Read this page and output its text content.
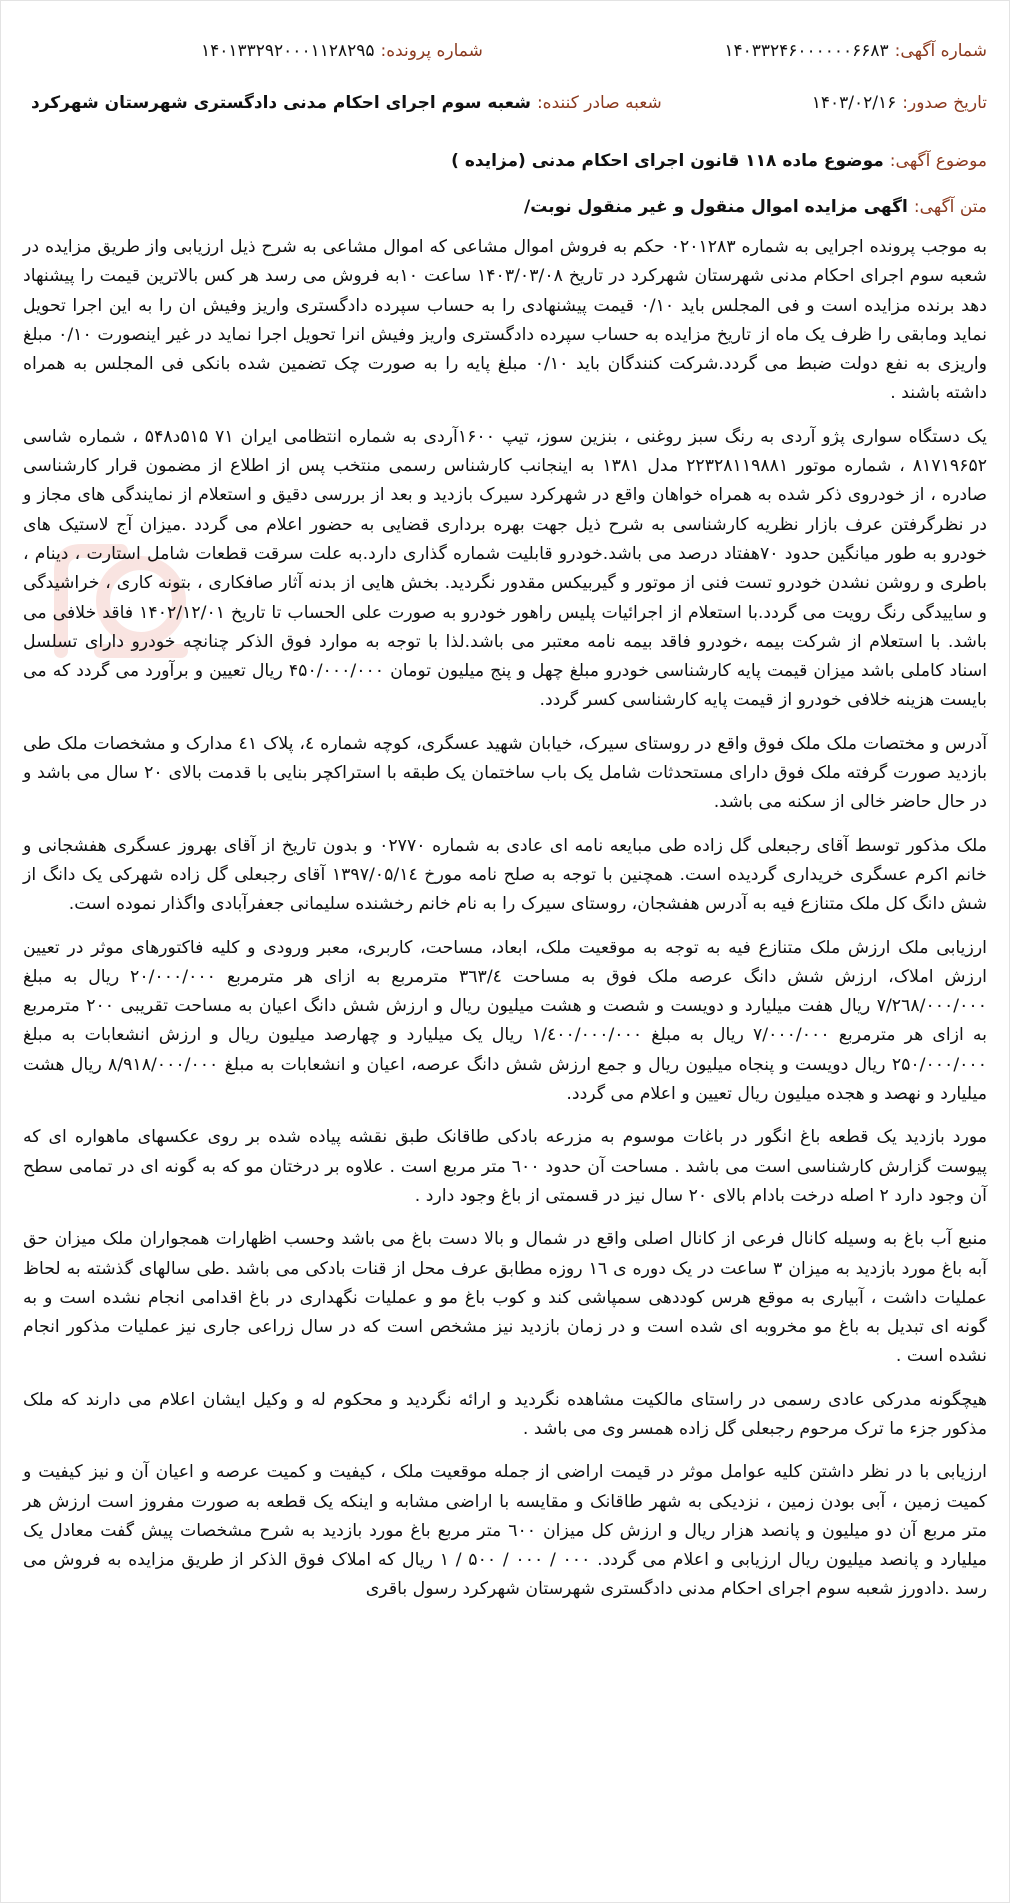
شماره آگهی:
۱۴۰۳۳۲۴۶۰۰۰۰۰۰۶۶۸۳
شماره پرونده:
۱۴۰۱۳۳۲۹۲۰۰۰۱۱۲۸۲۹۵
تاریخ صدور:
۱۴۰۳/۰۲/۱۶
شعبه صادر کننده:
شعبه سوم اجرای احکام مدنی دادگستری شهرستان شهرکرد
موضوع آگهی:
موضوع ماده ۱۱۸ قانون اجرای احکام مدنی (مزایده )
متن آگهی:
اگهی مزایده اموال منقول و غیر منقول نوبت/

به موجب پرونده اجرایی به شماره ۰۲۰۱۲۸۳ حکم به فروش اموال مشاعی که اموال مشاعی به شرح ذیل ارزیابی واز طریق مزایده در شعبه سوم اجرای احکام مدنی شهرستان شهرکرد در تاریخ ۱۴۰۳/۰۳/۰۸ ساعت ۱۰به فروش می رسد هر کس بالاترین قیمت را پیشنهاد دهد برنده مزایده است و فی المجلس باید ۰/۱۰ قیمت پیشنهادی را به حساب سپرده دادگستری واریز وفیش ان را به این اجرا تحویل نماید ومابقی را ظرف یک ماه از تاریخ مزایده به حساب سپرده دادگستری واریز وفیش انرا تحویل اجرا نماید در غیر اینصورت ۰/۱۰ مبلغ واریزی به نفع دولت ضبط می گردد.شرکت کنندگان باید ۰/۱۰ مبلغ پایه را به صورت چک تضمین شده بانکی فی المجلس به همراه داشته باشند .

یک دستگاه سواری پژو آردی به رنگ سبز روغنی ، بنزین سوز، تیپ ۱۶۰۰آردی به شماره انتظامی ایران ۷۱ ۵۱۵د۵۴۸ ، شماره شاسی ۸۱۷۱۹۶۵۲ ، شماره موتور ۲۲۳۲۸۱۱۹۸۸۱ مدل ۱۳۸۱ به اینجانب کارشناس رسمی منتخب پس از اطلاع از مضمون قرار کارشناسی صادره ، از خودروی ذکر شده به همراه خواهان واقع در شهرکرد سیرک بازدید و بعد از بررسی دقیق و استعلام از نمایندگی های مجاز و در نظرگرفتن عرف بازار نظریه کارشناسی به شرح ذیل جهت بهره برداری قضایی به حضور اعلام می گردد .میزان آج لاستیک های خودرو به طور میانگین حدود ۷۰هفتاد درصد می باشد.خودرو قابلیت شماره گذاری دارد.به علت سرقت قطعات شامل استارت ، دینام ، باطری و روشن نشدن خودرو تست فنی از موتور و گیربیکس مقدور نگردید. بخش هایی از بدنه آثار صافکاری ، بتونه کاری ، خراشیدگی و ساییدگی رنگ رویت می گردد.با استعلام از اجرائیات پلیس راهور خودرو به صورت علی الحساب تا تاریخ ۱۴۰۲/۱۲/۰۱ فاقد خلافی می باشد. با استعلام از شرکت بیمه ،خودرو فاقد بیمه نامه معتبر می باشد.لذا با توجه به موارد فوق الذکر چنانچه خودرو دارای تسلسل اسناد کاملی باشد میزان قیمت پایه کارشناسی خودرو مبلغ چهل و پنج میلیون تومان ۴۵۰/۰۰۰/۰۰۰ ریال تعیین و برآورد می گردد که می بایست هزینه خلافی خودرو از قیمت پایه کارشناسی کسر گردد.

آدرس و مختصات ملک ملک فوق واقع در روستای سیرک، خیابان شهید عسگری، کوچه شماره ٤، پلاک ٤١ مدارک و مشخصات ملک طی بازدید صورت گرفته ملک فوق دارای مستحدثات شامل یک باب ساختمان یک طبقه با استراکچر بنایی با قدمت بالای ۲۰ سال می باشد و در حال حاضر خالی از سکنه می باشد.

ملک مذکور توسط آقای رجبعلی گل زاده طی مبایعه نامه ای عادی به شماره ۰۲۷۷۰ و بدون تاریخ از آقای بهروز عسگری هفشجانی و خانم اکرم عسگری خریداری گردیده است. همچنین با توجه به صلح نامه مورخ ۱۳۹۷/۰۵/۱٤ آقای رجبعلی گل زاده شهرکی یک دانگ از شش دانگ کل ملک متنازع فیه به آدرس هفشجان، روستای سیرک را به نام خانم رخشنده سلیمانی جعفرآبادی واگذار نموده است.

ارزیابی ملک ارزش ملک متنازع فیه به توجه به موقعیت ملک، ابعاد، مساحت، کاربری، معبر ورودی و کلیه فاکتورهای موثر در تعیین ارزش املاک، ارزش شش دانگ عرصه ملک فوق به مساحت ٣٦٣/٤ مترمربع به ازای هر مترمربع ۲۰/۰۰۰/۰۰۰ ریال به مبلغ ۷/۲٦۸/۰۰۰/۰۰۰ ریال هفت میلیارد و دویست و شصت و هشت میلیون ریال و ارزش شش دانگ اعیان به مساحت تقریبی ۲۰۰ مترمربع به ازای هر مترمربع ۷/۰۰۰/۰۰۰ ریال به مبلغ ۱/٤۰۰/۰۰۰/۰۰۰ ریال یک میلیارد و چهارصد میلیون ریال و ارزش انشعابات به مبلغ ۲۵۰/۰۰۰/۰۰۰ ریال دویست و پنجاه میلیون ریال و جمع ارزش شش دانگ عرصه، اعیان و انشعابات به مبلغ ۸/۹۱۸/۰۰۰/۰۰۰ ریال هشت میلیارد و نهصد و هجده میلیون ریال تعیین و اعلام می گردد.

مورد بازدید یک قطعه باغ انگور در باغات موسوم به مزرعه بادکی طاقانک طبق نقشه پیاده شده بر روی عکسهای ماهواره ای که پیوست گزارش کارشناسی است می باشد . مساحت آن حدود ٦۰۰ متر مربع است . علاوه بر درختان مو که به گونه ای در تمامی سطح آن وجود دارد ۲ اصله درخت بادام بالای ۲۰ سال نیز در قسمتی از باغ وجود دارد .

منبع آب باغ به وسیله کانال فرعی از کانال اصلی واقع در شمال و بالا دست باغ می باشد وحسب اظهارات همجواران ملک میزان حق آبه باغ مورد بازدید به میزان ۳ ساعت در یک دوره ی ۱٦ روزه مطابق عرف محل از قنات بادکی می باشد .طی سالهای گذشته به لحاظ عملیات داشت ، آبیاری به موقع هرس کوددهی سمپاشی کند و کوب باغ مو و عملیات نگهداری در باغ اقدامی انجام نشده است و به گونه ای تبدیل به باغ مو مخروبه ای شده است و در زمان بازدید نیز مشخص است که در سال زراعی جاری نیز عملیات مذکور انجام نشده است .

هیچگونه مدرکی عادی رسمی در راستای مالکیت مشاهده نگردید و ارائه نگردید و محکوم له و وکیل ایشان اعلام می دارند که ملک مذکور جزء ما ترک مرحوم رجبعلی گل زاده همسر وی می باشد .

ارزیابی با در نظر داشتن کلیه عوامل موثر در قیمت اراضی از جمله موقعیت ملک ، کیفیت و کمیت عرصه و اعیان آن و نیز کیفیت و کمیت زمین ، آبی بودن زمین ، نزدیکی به شهر طاقانک و مقایسه با اراضی مشابه و اینکه یک قطعه به صورت مفروز است ارزش هر متر مربع آن دو میلیون و پانصد هزار ریال و ارزش کل میزان ٦۰۰ متر مربع باغ مورد بازدید به شرح مشخصات پیش گفت معادل یک میلیارد و پانصد میلیون ریال ارزیابی و اعلام می گردد. ۰۰۰ / ۰۰۰ / ۵۰۰ / ۱ ریال که املاک فوق الذکر از طریق مزایده به فروش می رسد .دادورز شعبه سوم اجرای احکام مدنی دادگستری شهرستان شهرکرد رسول باقری
